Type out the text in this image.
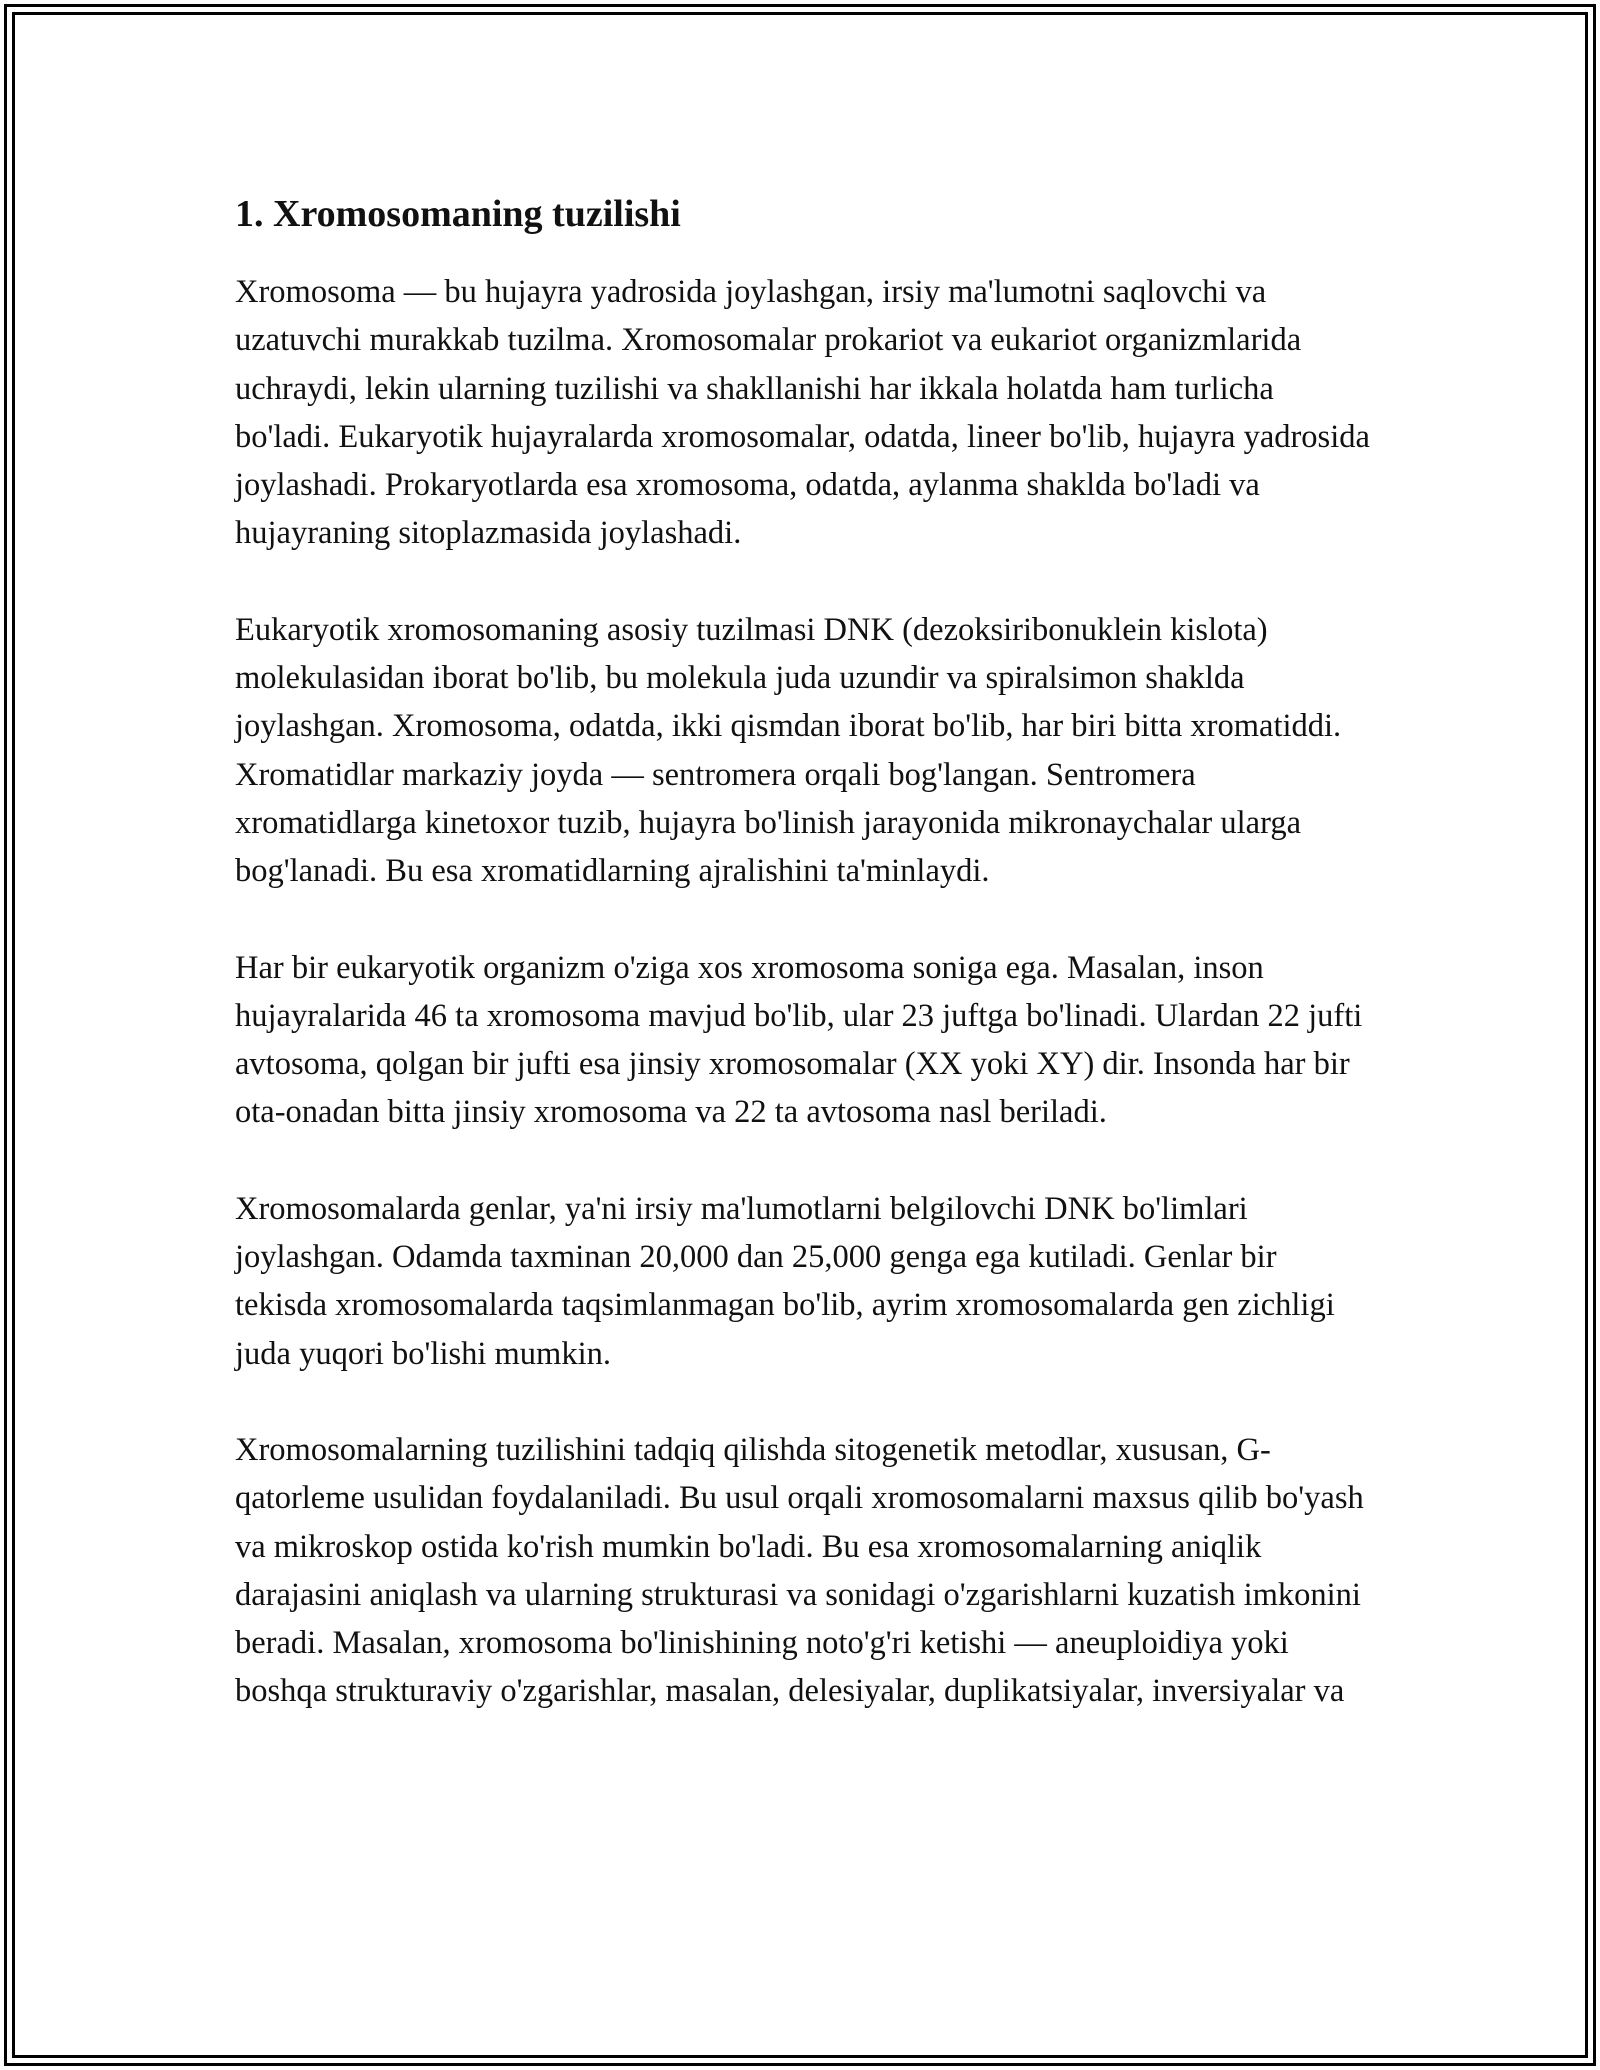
1. Xromosomaning tuzilishi

Xromosoma — bu hujayra yadrosida joylashgan, irsiy ma'lumotni saqlovchi va uzatuvchi murakkab tuzilma. Xromosomalar prokariot va eukariot organizmlarida uchraydi, lekin ularning tuzilishi va shakllanishi har ikkala holatda ham turlicha bo'ladi. Eukaryotik hujayralarda xromosomalar, odatda, lineer bo'lib, hujayra yadrosida joylashadi. Prokaryotlarda esa xromosoma, odatda, aylanma shaklda bo'ladi va hujayraning sitoplazmasida joylashadi.

Eukaryotik xromosomaning asosiy tuzilmasi DNK (dezoksiribonuklein kislota) molekulasidan iborat bo'lib, bu molekula juda uzundir va spiralsimon shaklda joylashgan. Xromosoma, odatda, ikki qismdan iborat bo'lib, har biri bitta xromatiddi. Xromatidlar markaziy joyda — sentromera orqali bog'langan. Sentromera xromatidlarga kinetoxor tuzib, hujayra bo'linish jarayonida mikronaychalar ularga bog'lanadi. Bu esa xromatidlarning ajralishini ta'minlaydi.

Har bir eukaryotik organizm o'ziga xos xromosoma soniga ega. Masalan, inson hujayralarida 46 ta xromosoma mavjud bo'lib, ular 23 juftga bo'linadi. Ulardan 22 jufti avtosoma, qolgan bir jufti esa jinsiy xromosomalar (XX yoki XY) dir. Insonda har bir ota-onadan bitta jinsiy xromosoma va 22 ta avtosoma nasl beriladi.

Xromosomalarda genlar, ya'ni irsiy ma'lumotlarni belgilovchi DNK bo'limlari joylashgan. Odamda taxminan 20,000 dan 25,000 genga ega kutiladi. Genlar bir tekisda xromosomalarda taqsimlanmagan bo'lib, ayrim xromosomalarda gen zichligi juda yuqori bo'lishi mumkin.

Xromosomalarning tuzilishini tadqiq qilishda sitogenetik metodlar, xususan, G-qatorleme usulidan foydalaniladi. Bu usul orqali xromosomalarni maxsus qilib bo'yash va mikroskop ostida ko'rish mumkin bo'ladi. Bu esa xromosomalarning aniqlik darajasini aniqlash va ularning strukturasi va sonidagi o'zgarishlarni kuzatish imkonini beradi. Masalan, xromosoma bo'linishining noto'g'ri ketishi — aneuploidiya yoki boshqa strukturaviy o'zgarishlar, masalan, delesiyalar, duplikatsiyalar, inversiyalar va
